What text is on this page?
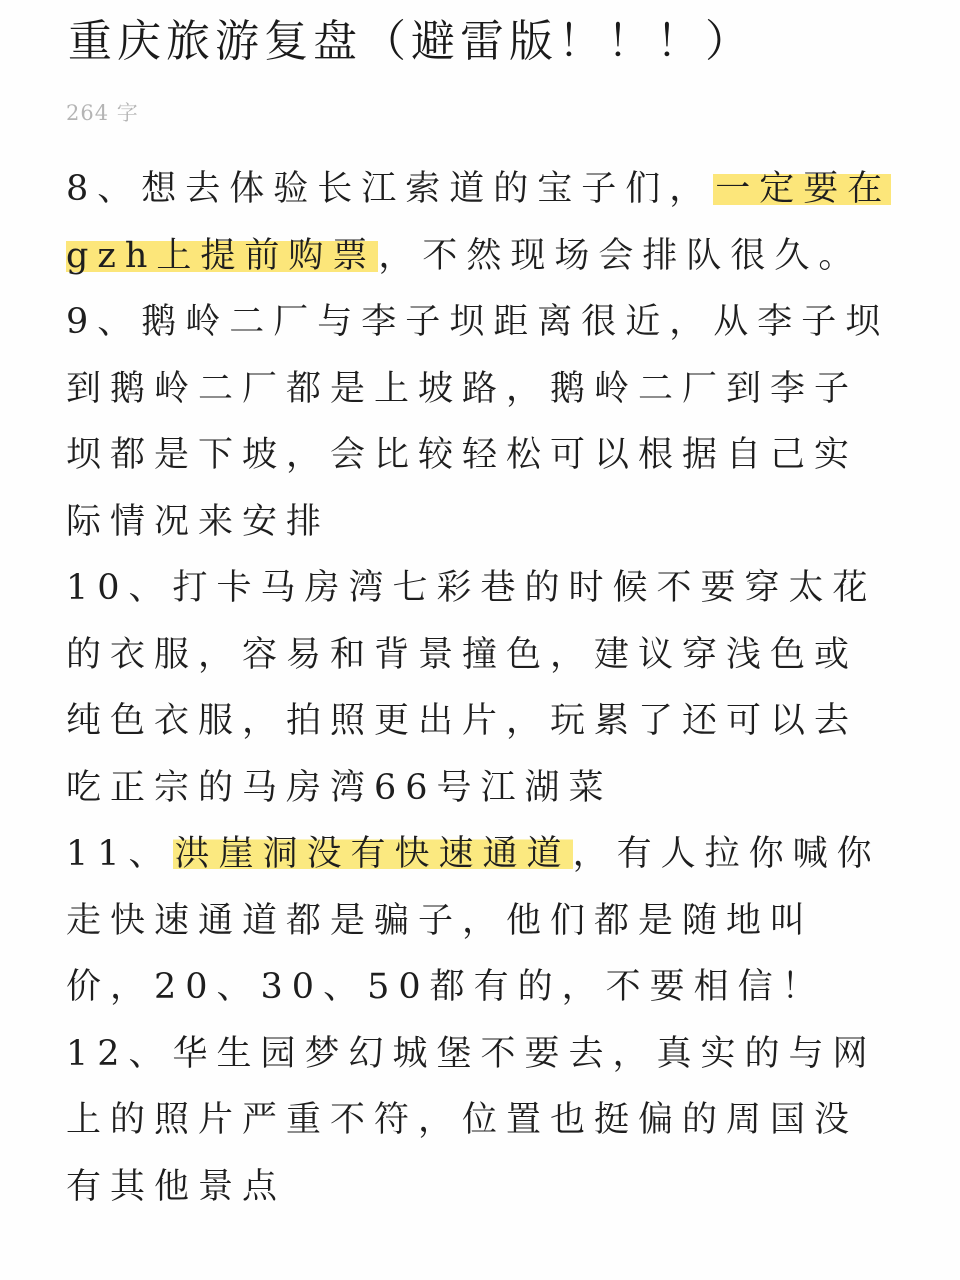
重庆旅游复盘（避雷版！！！）
264 字

8、想去体验长江索道的宝子们，一定要在gzh上提前购票，不然现场会排队很久。

9、鹅岭二厂与李子坝距离很近，从李子坝到鹅岭二厂都是上坡路，鹅岭二厂到李子坝都是下坡，会比较轻松可以根据自己实际情况来安排

10、打卡马房湾七彩巷的时候不要穿太花的衣服，容易和背景撞色，建议穿浅色或纯色衣服，拍照更出片，玩累了还可以去吃正宗的马房湾66号江湖菜

11、洪崖洞没有快速通道，有人拉你喊你走快速通道都是骗子，他们都是随地叫价，20、30、50都有的，不要相信！

12、华生园梦幻城堡不要去，真实的与网上的照片严重不符，位置也挺偏的周国没有其他景点
